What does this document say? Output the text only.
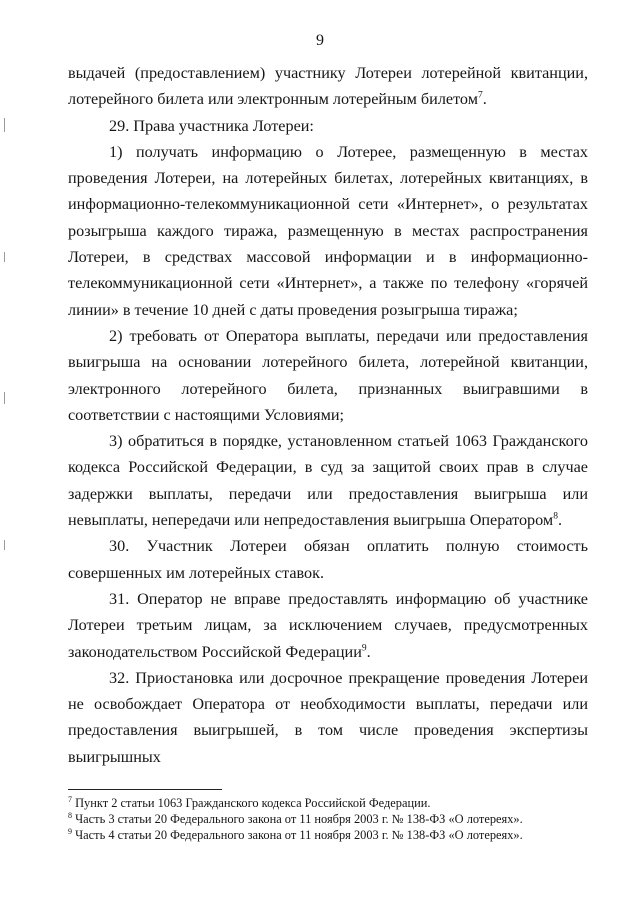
9

выдачей (предоставлением) участнику Лотереи лотерейной квитанции, лотерейного билета или электронным лотерейным билетом$^7$.

29. Права участника Лотереи:

1) получать информацию о Лотерее, размещенную в местах проведения Лотереи, на лотерейных билетах, лотерейных квитанциях, в информационно-телекоммуникационной сети «Интернет», о результатах розыгрыша каждого тиража, размещенную в местах распространения Лотереи, в средствах массовой информации и в информационно-телекоммуникационной сети «Интернет», а также по телефону «горячей линии» в течение 10 дней с даты проведения розыгрыша тиража;

2) требовать от Оператора выплаты, передачи или предоставления выигрыша на основании лотерейного билета, лотерейной квитанции, электронного лотерейного билета, признанных выигравшими в соответствии с настоящими Условиями;

3) обратиться в порядке, установленном статьей 1063 Гражданского кодекса Российской Федерации, в суд за защитой своих прав в случае задержки выплаты, передачи или предоставления выигрыша или невыплаты, непередачи или непредоставления выигрыша Оператором$^8$.

30. Участник Лотереи обязан оплатить полную стоимость совершенных им лотерейных ставок.

31. Оператор не вправе предоставлять информацию об участнике Лотереи третьим лицам, за исключением случаев, предусмотренных законодательством Российской Федерации$^9$.

32. Приостановка или досрочное прекращение проведения Лотереи не освобождает Оператора от необходимости выплаты, передачи или предоставления выигрышей, в том числе проведения экспертизы выигрышных

$^7$ Пункт 2 статьи 1063 Гражданского кодекса Российской Федерации.
$^8$ Часть 3 статьи 20 Федерального закона от 11 ноября 2003 г. № 138-ФЗ «О лотереях».
$^9$ Часть 4 статьи 20 Федерального закона от 11 ноября 2003 г. № 138-ФЗ «О лотереях».
